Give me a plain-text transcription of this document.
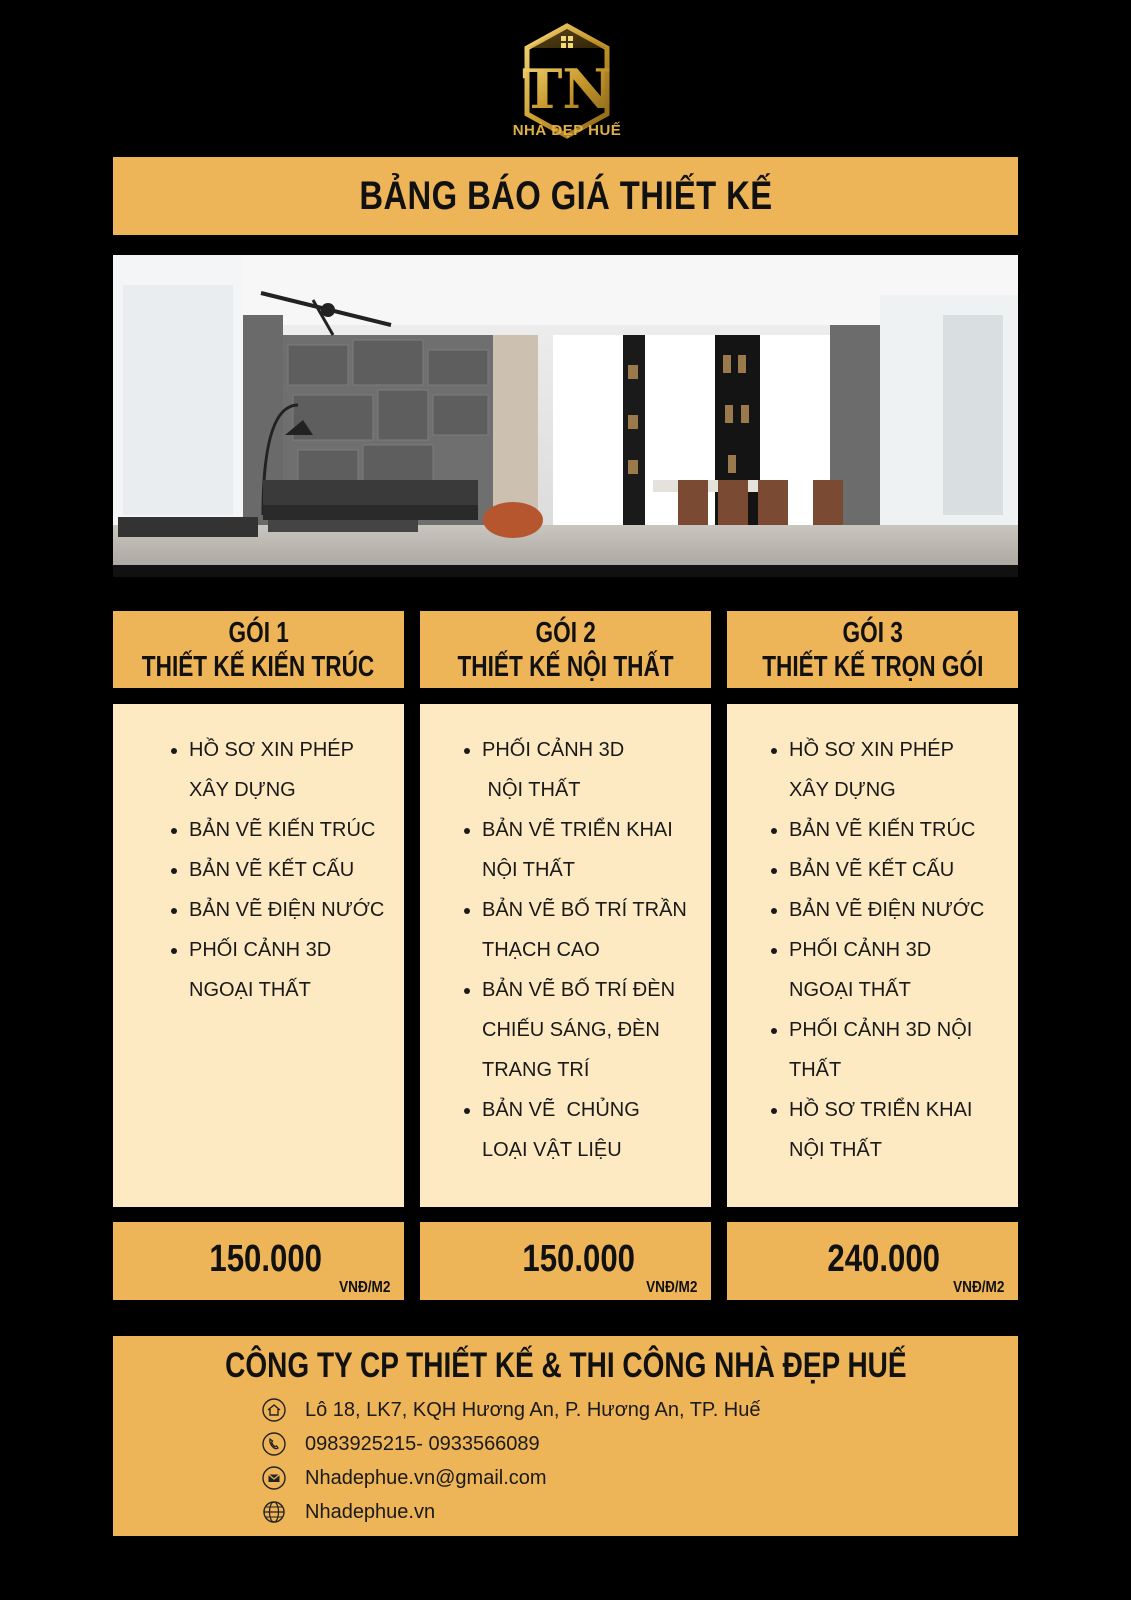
TN
NHÀ ĐẸP HUẾ
BẢNG BÁO GIÁ THIẾT KẾ
GÓI 1
THIẾT KẾ KIẾN TRÚC
GÓI 2
THIẾT KẾ NỘI THẤT
GÓI 3
THIẾT KẾ TRỌN GÓI
• HỒ SƠ XIN PHÉP
XÂY DỰNG
• BẢN VẼ KIẾN TRÚC
• BẢN VẼ KẾT CẤU
• BẢN VẼ ĐIỆN NƯỚC
• PHỐI CẢNH 3D
NGOẠI THẤT
• PHỐI CẢNH 3D
NỘI THẤT
• BẢN VẼ TRIỂN KHAI
NỘI THẤT
• BẢN VẼ BỐ TRÍ TRẦN
THẠCH CAO
• BẢN VẼ BỐ TRÍ ĐÈN
CHIẾU SÁNG, ĐÈN
TRANG TRÍ
• BẢN VẼ  CHỦNG
LOẠI VẬT LIỆU
• HỒ SƠ XIN PHÉP
XÂY DỰNG
• BẢN VẼ KIẾN TRÚC
• BẢN VẼ KẾT CẤU
• BẢN VẼ ĐIỆN NƯỚC
• PHỐI CẢNH 3D
NGOẠI THẤT
• PHỐI CẢNH 3D NỘI
THẤT
• HỒ SƠ TRIỂN KHAI
NỘI THẤT
150.000
VNĐ/M2
150.000
VNĐ/M2
240.000
VNĐ/M2
CÔNG TY CP THIẾT KẾ & THI CÔNG NHÀ ĐẸP HUẾ
Lô 18, LK7, KQH Hương An, P. Hương An, TP. Huế
0983925215- 0933566089
Nhadephue.vn@gmail.com
Nhadephue.vn
